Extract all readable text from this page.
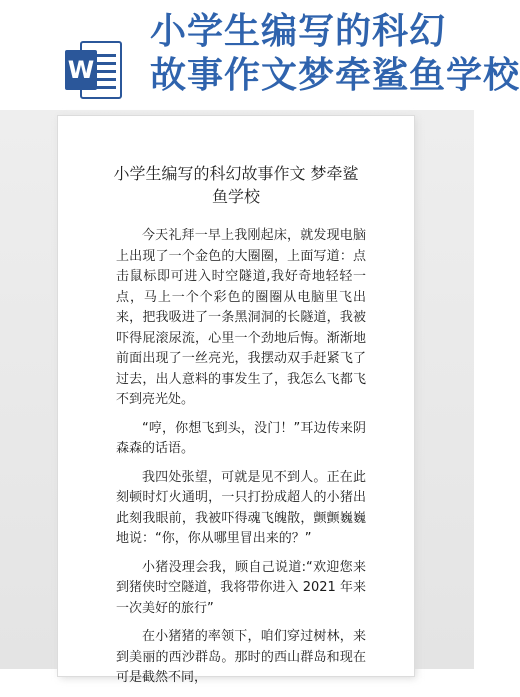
W
小学生编写的科幻
故事作文梦牵鲨鱼学校
小学生编写的科幻故事作文 梦牵鲨
鱼学校

今天礼拜一早上我刚起床，就发现电脑上出现了一个金色的大圈圈，上面写道：点击鼠标即可进入时空隧道,我好奇地轻轻一点，马上一个个彩色的圈圈从电脑里飞出来，把我吸进了一条黑洞洞的长隧道，我被吓得屁滚尿流，心里一个劲地后悔。渐渐地前面出现了一丝亮光，我摆动双手赶紧飞了过去，出人意料的事发生了，我怎么飞都飞不到亮光处。

“哼，你想飞到头，没门！”耳边传来阴森森的话语。

我四处张望，可就是见不到人。正在此刻顿时灯火通明，一只打扮成超人的小猪出此刻我眼前，我被吓得魂飞魄散，颤颤巍巍地说：“你，你从哪里冒出来的？”

小猪没理会我，顾自己说道:“欢迎您来到猪侠时空隧道，我将带你进入 2021 年来一次美好的旅行”

在小猪猪的率领下，咱们穿过树林，来到美丽的西沙群岛。那时的西山群岛和现在可是截然不同，
